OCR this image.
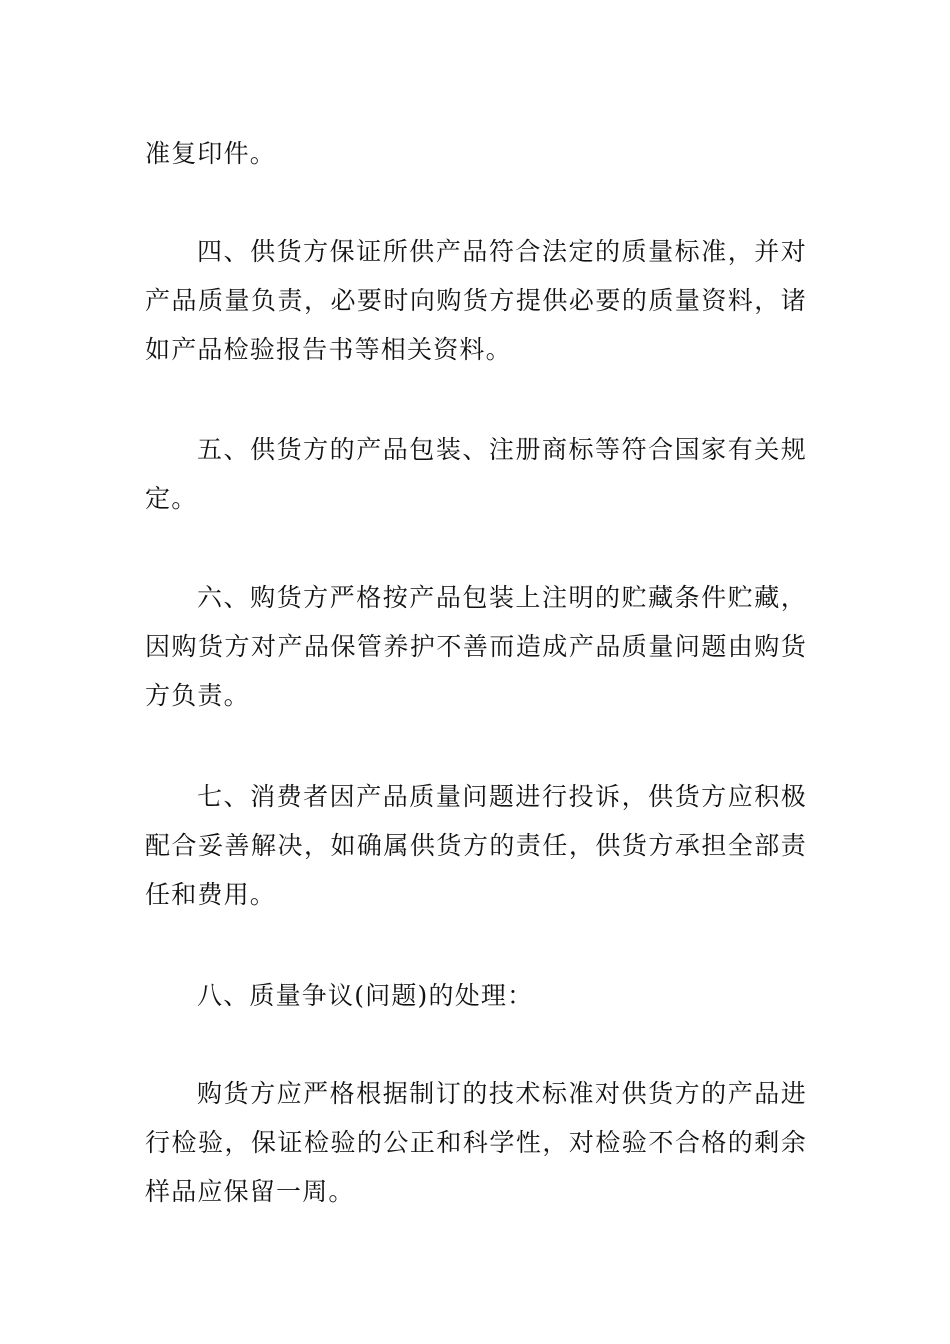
准复印件。

四、供货方保证所供产品符合法定的质量标准，并对产品质量负责，必要时向购货方提供必要的质量资料，诸如产品检验报告书等相关资料。

五、供货方的产品包装、注册商标等符合国家有关规定。

六、购货方严格按产品包装上注明的贮藏条件贮藏，因购货方对产品保管养护不善而造成产品质量问题由购货方负责。

七、消费者因产品质量问题进行投诉，供货方应积极配合妥善解决，如确属供货方的责任，供货方承担全部责任和费用。

八、质量争议(问题)的处理：

购货方应严格根据制订的技术标准对供货方的产品进行检验，保证检验的公正和科学性，对检验不合格的剩余样品应保留一周。
